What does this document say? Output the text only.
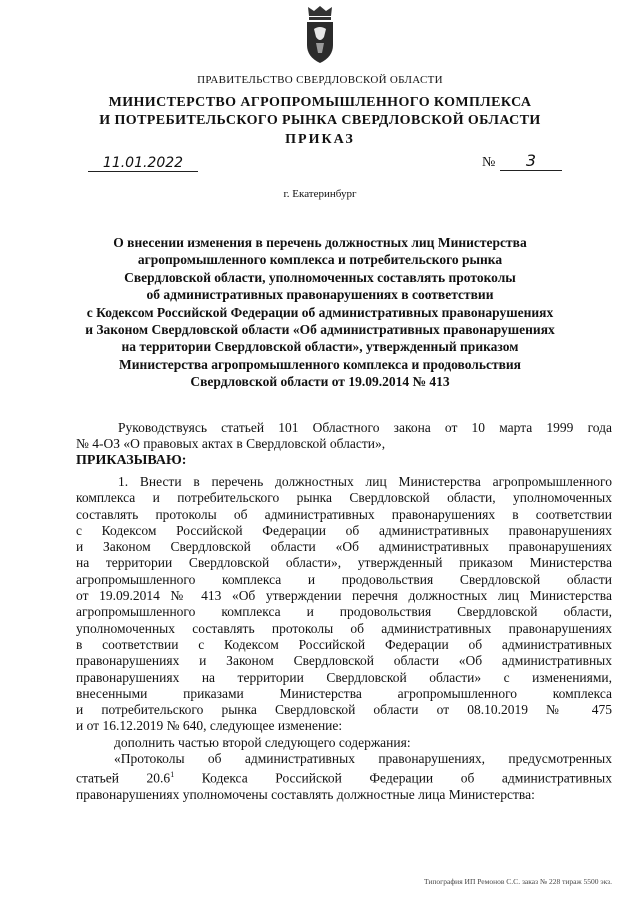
ПРАВИТЕЛЬСТВО СВЕРДЛОВСКОЙ ОБЛАСТИ
МИНИСТЕРСТВО АГРОПРОМЫШЛЕННОГО КОМПЛЕКСА
И ПОТРЕБИТЕЛЬСКОГО РЫНКА СВЕРДЛОВСКОЙ ОБЛАСТИ
ПРИКАЗ
11.01.2022	№	3
г. Екатеринбург
О внесении изменения в перечень должностных лиц Министерства
агропромышленного комплекса и потребительского рынка
Свердловской области, уполномоченных составлять протоколы
об административных правонарушениях в соответствии
с Кодексом Российской Федерации об административных правонарушениях
и Законом Свердловской области «Об административных правонарушениях
на территории Свердловской области», утвержденный приказом
Министерства агропромышленного комплекса и продовольствия
Свердловской области от 19.09.2014 № 413
Руководствуясь статьей 101 Областного закона от 10 марта 1999 года
№ 4-ОЗ «О правовых актах в Свердловской области»,
ПРИКАЗЫВАЮ:
1. Внести в перечень должностных лиц Министерства агропромышленного
комплекса и потребительского рынка Свердловской области, уполномоченных
составлять протоколы об административных правонарушениях в соответствии
с Кодексом Российской Федерации об административных правонарушениях
и Законом Свердловской области «Об административных правонарушениях
на территории Свердловской области», утвержденный приказом Министерства
агропромышленного комплекса и продовольствия Свердловской области
от 19.09.2014 № 413 «Об утверждении перечня должностных лиц Министерства
агропромышленного комплекса и продовольствия Свердловской области,
уполномоченных составлять протоколы об административных правонарушениях
в соответствии с Кодексом Российской Федерации об административных
правонарушениях и Законом Свердловской области «Об административных
правонарушениях на территории Свердловской области» с изменениями,
внесенными приказами Министерства агропромышленного комплекса
и потребительского рынка Свердловской области от 08.10.2019 № 475
и от 16.12.2019 № 640, следующее изменение:
дополнить частью второй следующего содержания:
«Протоколы об административных правонарушениях, предусмотренных
статьей 20.6$^1$ Кодекса Российской Федерации об административных
правонарушениях уполномочены составлять должностные лица Министерства:
Типография ИП Ремонов С.С. заказ № 228 тираж 5500 экз.
